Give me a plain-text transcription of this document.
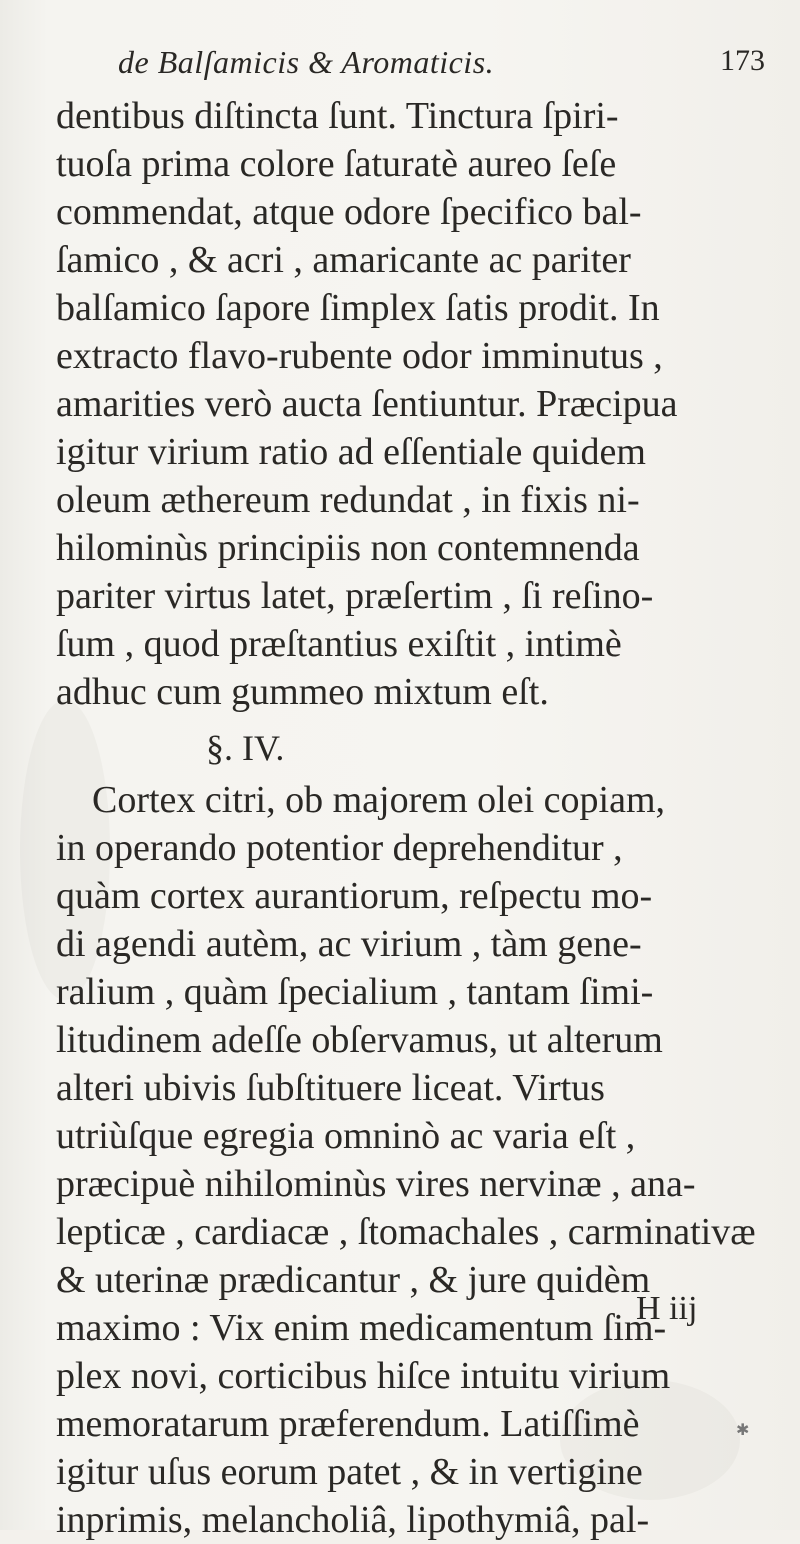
de Balſamicis & Aromaticis.	173
dentibus diſtincta ſunt. Tinctura ſpiri-
tuoſa prima colore ſaturatè aureo ſeſe
commendat, atque odore ſpecifico bal-
ſamico , & acri , amaricante ac pariter
balſamico ſapore ſimplex ſatis prodit. In
extracto flavo-rubente odor imminutus ,
amarities verò aucta ſentiuntur. Præcipua
igitur virium ratio ad eſſentiale quidem
oleum æthereum redundat , in fixis ni-
hilominùs principiis non contemnenda
pariter virtus latet, præſertim , ſi reſino-
ſum , quod præſtantius exiſtit , intimè
adhuc cum gummeo mixtum eſt.
§. IV.
Cortex citri, ob majorem olei copiam,
in operando potentior deprehenditur ,
quàm cortex aurantiorum, reſpectu mo-
di agendi autèm, ac virium , tàm gene-
ralium , quàm ſpecialium , tantam ſimi-
litudinem adeſſe obſervamus, ut alterum
alteri ubivis ſubſtituere liceat. Virtus
utriùſque egregia omninò ac varia eſt ,
præcipuè nihilominùs vires nervinæ , ana-
lepticæ , cardiacæ , ſtomachales , carminativæ
& uterinæ prædicantur , & jure quidèm
maximo : Vix enim medicamentum ſim-
plex novi, corticibus hiſce intuitu virium
memoratarum præferendum. Latiſſimè
igitur uſus eorum patet , & in vertigine
inprimis, melancholiâ, lipothymiâ, pal-
H iij
✱
